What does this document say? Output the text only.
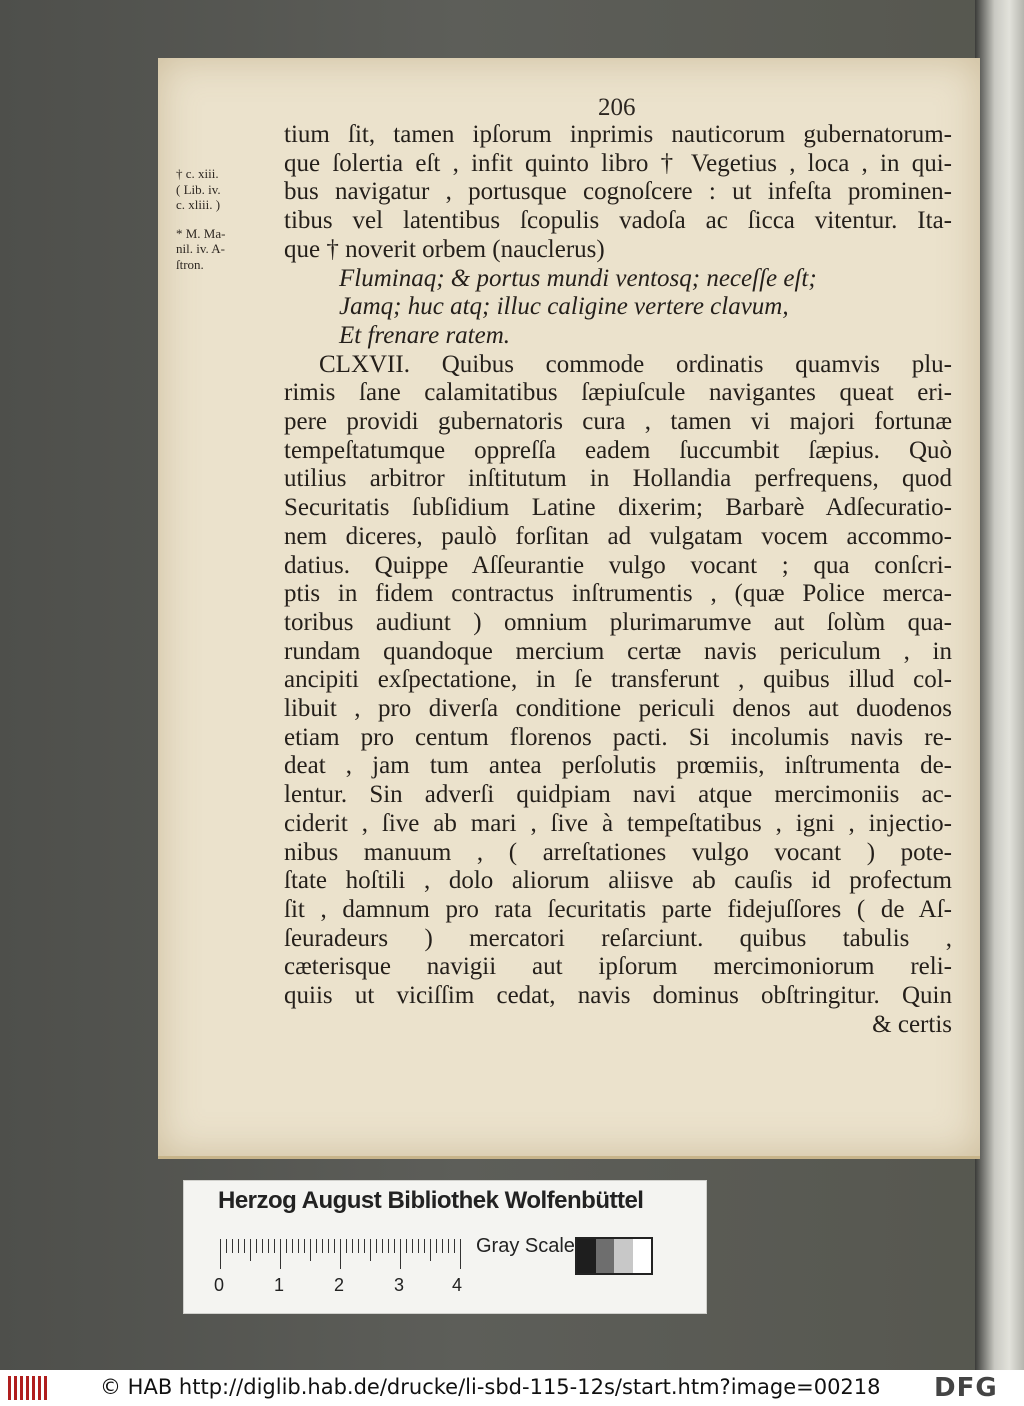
206

† c. xiii.

( Lib. iv.

c. xliii. )

* M. Ma-

nil. iv. A-

ſtron.

tium ſit, tamen ipſorum inprimis nauticorum gubernatorum-
que ſolertia eſt , infit quinto libro † Vegetius , loca , in qui-
bus navigatur , portusque cognoſcere : ut infeſta prominen-
tibus vel latentibus ſcopulis vadoſa ac ſicca vitentur. Ita-
que † noverit orbem (nauclerus)
Fluminaq; & portus mundi ventosq; neceſſe eſt;
Jamq; huc atq; illuc caligine vertere clavum,
Et frenare ratem.
CLXVII. Quibus commode ordinatis quamvis plu-
rimis ſane calamitatibus ſæpiuſcule navigantes queat eri-
pere providi gubernatoris cura , tamen vi majori fortunæ
tempeſtatumque oppreſſa eadem ſuccumbit ſæpius. Quò
utilius arbitror inſtitutum in Hollandia perfrequens, quod
Securitatis ſubſidium Latine dixerim; Barbarè Adſecuratio-
nem diceres, paulò forſitan ad vulgatam vocem accommo-
datius. Quippe Aſſeurantie vulgo vocant ; qua conſcri-
ptis in fidem contractus inſtrumentis , (quæ Police merca-
toribus audiunt ) omnium plurimarumve aut ſolùm qua-
rundam quandoque mercium certæ navis periculum , in
ancipiti exſpectatione, in ſe transferunt , quibus illud col-
libuit , pro diverſa conditione periculi denos aut duodenos
etiam pro centum florenos pacti. Si incolumis navis re-
deat , jam tum antea perſolutis prœmiis, inſtrumenta de-
lentur. Sin adverſi quidpiam navi atque mercimoniis ac-
ciderit , ſive ab mari , ſive à tempeſtatibus , igni , injectio-
nibus manuum , ( arreſtationes vulgo vocant ) pote-
ſtate hoſtili , dolo aliorum aliisve ab cauſis id profectum
ſit , damnum pro rata ſecuritatis parte fidejuſſores ( de Aſ-
ſeuradeurs ) mercatori reſarciunt. quibus tabulis ,
cæterisque navigii aut ipſorum mercimoniorum reli-
quiis ut viciſſim cedat, navis dominus obſtringitur. Quin
& certis
Herzog August Bibliothek Wolfenbüttel
0	1	2	3	4
Gray Scale
© HAB http://diglib.hab.de/drucke/li-sbd-115-12s/start.htm?image=00218 DFG
